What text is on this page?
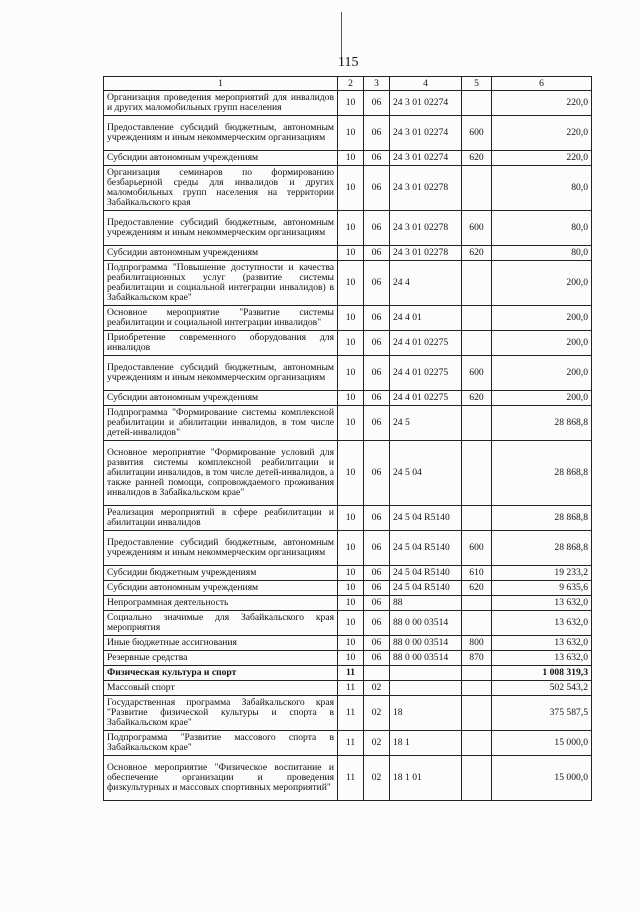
115
1	2	3	4	5	6
Организация проведения мероприятий для инвалидов и других маломобильных групп населения	10	06	24 3 01 02274		220,0
Предоставление субсидий бюджетным, автономным учреждениям и иным некоммерческим организациям	10	06	24 3 01 02274	600	220,0
Субсидии автономным учреждениям	10	06	24 3 01 02274	620	220,0
Организация семинаров по формированию безбарьерной среды для инвалидов и других маломобильных групп населения на территории Забайкальского края	10	06	24 3 01 02278		80,0
Предоставление субсидий бюджетным, автономным учреждениям и иным некоммерческим организациям	10	06	24 3 01 02278	600	80,0
Субсидии автономным учреждениям	10	06	24 3 01 02278	620	80,0
Подпрограмма "Повышение доступности и качества реабилитационных услуг (развитие системы реабилитации и социальной интеграции инвалидов) в Забайкальском крае"	10	06	24 4		200,0
Основное мероприятие "Развитие системы реабилитации и социальной интеграции инвалидов"	10	06	24 4 01		200,0
Приобретение современного оборудования для инвалидов	10	06	24 4 01 02275		200,0
Предоставление субсидий бюджетным, автономным учреждениям и иным некоммерческим организациям	10	06	24 4 01 02275	600	200,0
Субсидии автономным учреждениям	10	06	24 4 01 02275	620	200,0
Подпрограмма "Формирование системы комплексной реабилитации и абилитации инвалидов, в том числе детей-инвалидов"	10	06	24 5		28 868,8
Основное мероприятие "Формирование условий для развития системы комплексной реабилитации и абилитации инвалидов, в том числе детей-инвалидов, а также ранней помощи, сопровождаемого проживания инвалидов в Забайкальском крае"	10	06	24 5 04		28 868,8
Реализация мероприятий в сфере реабилитации и абилитации инвалидов	10	06	24 5 04 R5140		28 868,8
Предоставление субсидий бюджетным, автономным учреждениям и иным некоммерческим организациям	10	06	24 5 04 R5140	600	28 868,8
Субсидии бюджетным учреждениям	10	06	24 5 04 R5140	610	19 233,2
Субсидии автономным учреждениям	10	06	24 5 04 R5140	620	9 635,6
Непрограммная деятельность	10	06	88		13 632,0
Социально значимые для Забайкальского края мероприятия	10	06	88 0 00 03514		13 632,0
Иные бюджетные ассигнования	10	06	88 0 00 03514	800	13 632,0
Резервные средства	10	06	88 0 00 03514	870	13 632,0
Физическая культура и спорт	11				1 008 319,3
Массовый спорт	11	02			502 543,2
Государственная программа Забайкальского края "Развитие физической культуры и спорта в Забайкальском крае"	11	02	18		375 587,5
Подпрограмма "Развитие массового спорта в Забайкальском крае"	11	02	18 1		15 000,0
Основное мероприятие "Физическое воспитание и обеспечение организации и проведения физкультурных и массовых спортивных мероприятий"	11	02	18 1 01		15 000,0
